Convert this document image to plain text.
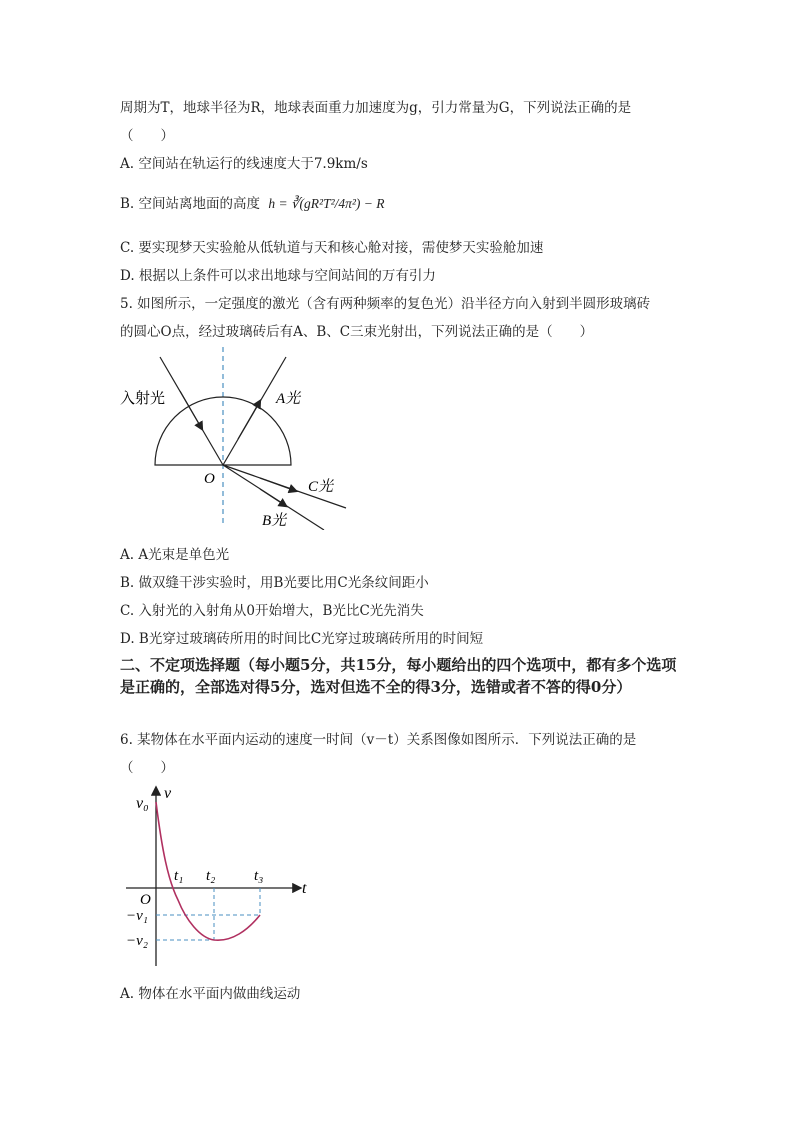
周期为T，地球半径为R，地球表面重力加速度为g，引力常量为G，下列说法正确的是
（　　）
A. 空间站在轨运行的线速度大于7.9km/s
B. 空间站离地面的高度 h = ∛(gR²T²/4π²) − R
C. 要实现梦天实验舱从低轨道与天和核心舱对接，需使梦天实验舱加速
D. 根据以上条件可以求出地球与空间站间的万有引力
5. 如图所示，一定强度的激光（含有两种频率的复色光）沿半径方向入射到半圆形玻璃砖
的圆心O点，经过玻璃砖后有A、B、C三束光射出，下列说法正确的是（　　）
入射光	A光
C光
B光
O
A. A光束是单色光
B. 做双缝干涉实验时，用B光要比用C光条纹间距小
C. 入射光的入射角从0开始增大，B光比C光先消失
D. B光穿过玻璃砖所用的时间比C光穿过玻璃砖所用的时间短
二、不定项选择题（每小题5分，共15分，每小题给出的四个选项中，都有多个选项是正确的，全部选对得5分，选对但选不全的得3分，选错或者不答的得0分）
6. 某物体在水平面内运动的速度一时间（v－t）关系图像如图所示．下列说法正确的是
（　　）
v
v₀
t
O
t₁ t₂	t₃
−v₁
−v₂
A. 物体在水平面内做曲线运动
